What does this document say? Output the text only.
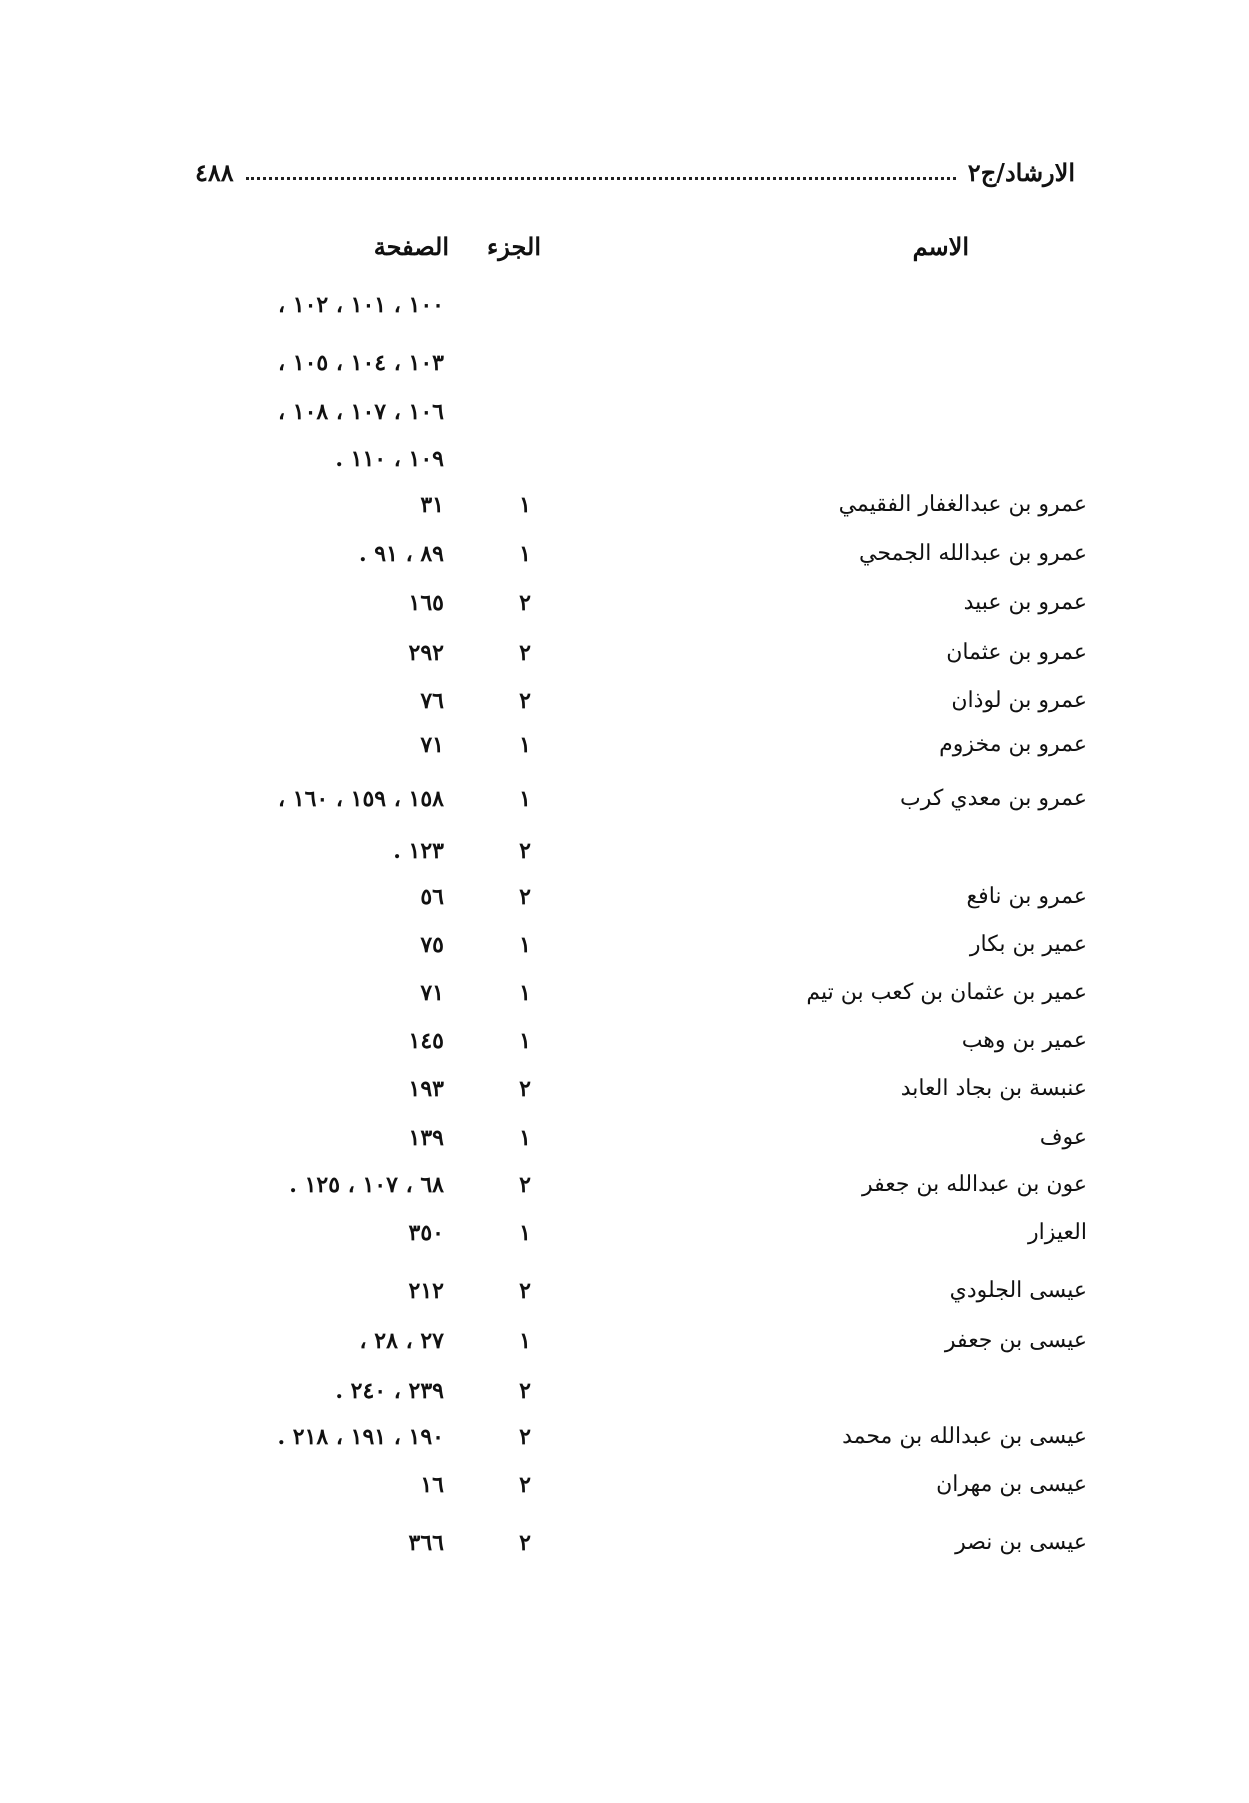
٤٨٨	الارشاد/ج٢
الاسم
الجزء
الصفحة
١٠٠ ، ١٠١ ، ١٠٢ ،
١٠٣ ، ١٠٤ ، ١٠٥ ،
١٠٦ ، ١٠٧ ، ١٠٨ ،
١٠٩ ، ١١٠ .
عمرو بن عبدالغفار الفقيمي
١
٣١
عمرو بن عبدالله الجمحي
١
٨٩ ، ٩١ .
عمرو بن عبيد
٢
١٦٥
عمرو بن عثمان
٢
٢٩٢
عمرو بن لوذان
٢
٧٦
عمرو بن مخزوم
١
٧١
عمرو بن معدي كرب
١
١٥٨ ، ١٥٩ ، ١٦٠ ،
٢
١٢٣ .
عمرو بن نافع
٢
٥٦
عمير بن بكار
١
٧٥
عمير بن عثمان بن كعب بن تيم
١
٧١
عمير بن وهب
١
١٤٥
عنبسة بن بجاد العابد
٢
١٩٣
عوف
١
١٣٩
عون بن عبدالله بن جعفر
٢
٦٨ ، ١٠٧ ، ١٢٥ .
العيزار
١
٣٥٠
عيسى الجلودي
٢
٢١٢
عيسى بن جعفر
١
٢٧ ، ٢٨ ،
٢
٢٣٩ ، ٢٤٠ .
عيسى بن عبدالله بن محمد
٢
١٩٠ ، ١٩١ ، ٢١٨ .
عيسى بن مهران
٢
١٦
عيسى بن نصر
٢
٣٦٦
